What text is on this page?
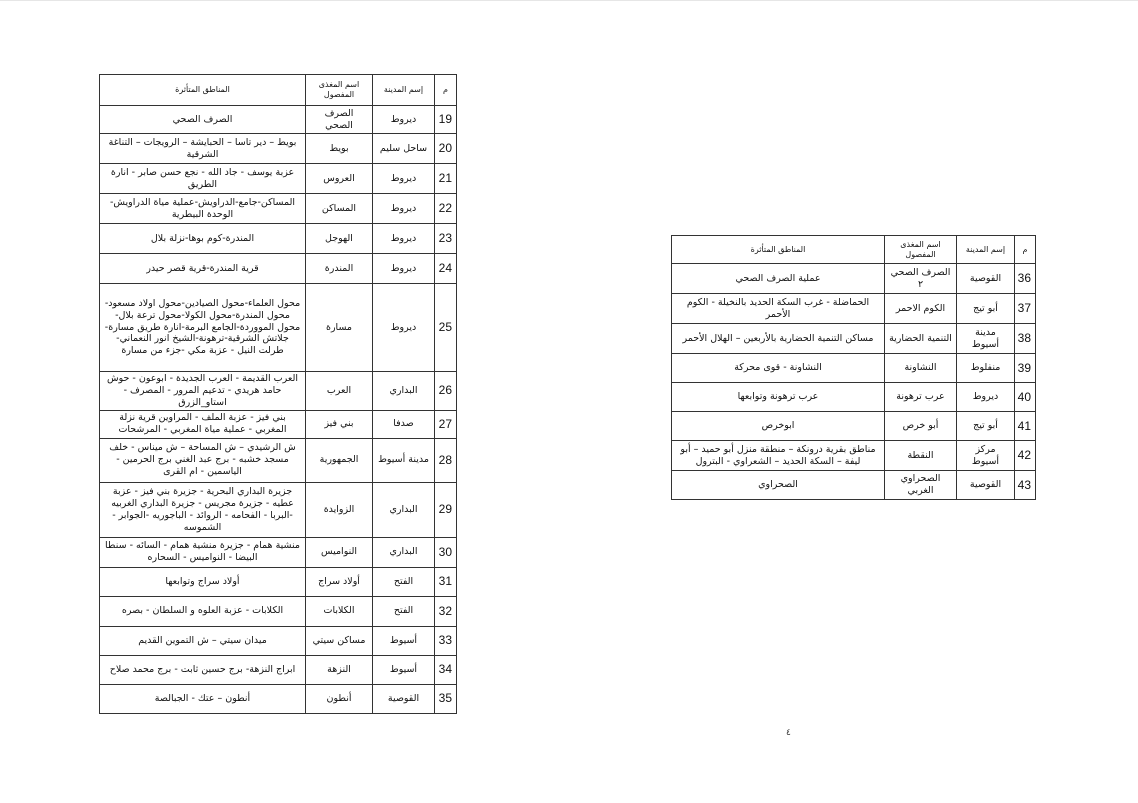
م	إسم المدينة	اسم المغذى المفصول	المناطق المتأثرة
19	ديروط	الصرف الصحي	الصرف الصحي
20	ساحل سليم	بويط	بويط – دير تاسا – الحبايشة – الرويجات – التناغة الشرقية
21	ديروط	العروس	عزبة يوسف - جاد الله - نجع حسن صابر - انارة الطريق
22	ديروط	المساكن	المساكن-جامع-الدراويش-عملية مياة الدراويش-الوحدة البيطرية
23	ديروط	الهوجل	المندرة-كوم بوها-نزلة بلال
24	ديروط	المندرة	قرية المندرة-قرية قصر حيدر
25	ديروط	مسارة	محول العلماء-محول الصيادين-محول اولاد مسعود-محول المندرة-محول الكولا-محول ترعة بلال-محول المووردة-الجامع البرمة-انارة طريق مسارة-جلاتش الشرقية-ترهونة-الشيخ انور النعماني-طرلت النيل - عزبة مكي -جزء من مسارة
26	البداري	العرب	العرب القديمة - العرب الجديدة - ابوعون - حوش حامد هريدي - تدعيم المرور - المصرف - استاو_الزرق
27	صدفا	بني فيز	بني فيز - عزبة الملف - المراوين قرية نزلة المغربي - عملية مياة المغربي - المرشحات
28	مدينة أسيوط	الجمهورية	ش الرشيدي – ش المساحة – ش ميناس - خلف مسجد خشبه - برج عبد الغني برج الحرمين - الياسمين - ام القرى
29	البداري	الزوايدة	جزيرة البداري البحرية - جزيرة بني فيز - عزبة عطيه - جزيرة مجريس - جزيرة البداري الغربيه -البربا - الفحامه - الروائد - الباجوريه -الجوابر - الشموسه
30	البداري	النواميس	منشية همام - جزيرة منشية همام - السائه - سنطا البيضا - النواميس - السحاره
31	الفتح	أولاد سراج	أولاد سراج وتوابعها
32	الفتح	الكلابات	الكلابات - عزبة العلوه و السلطان - بصره
33	أسيوط	مساكن سيتي	ميدان سيتي – ش التموين القديم
34	أسيوط	النزهة	ابراج النزهة- برج حسين ثابت - برج محمد صلاح
35	القوصية	أنطون	أنطون – عتك - الجبالصة
م	إسم المدينة	اسم المغذى المفصول	المناطق المتأثرة
36	القوصية	الصرف الصحي ٢	عملية الصرف الصحي
37	أبو تيج	الكوم الاحمر	الحماضلة - غرب السكة الحديد بالنخيلة - الكوم الأحمر
38	مدينة أسيوط	التنمية الحضارية	مساكن التنمية الحضارية بالأربعين – الهلال الأحمر
39	منفلوط	النشاونة	النشاونة - قوى محركة
40	ديروط	عرب ترهونة	عرب ترهونة وتوابعها
41	أبو تيج	أبو خرص	ابوخرص
42	مركز أسيوط	النقطة	مناطق بقرية درونكة – منطقة منزل أبو حميد – أبو ليفة – السكة الحديد – الشعراوي - البترول
43	القوصية	الصحراوي الغربي	الصحراوي
٤
